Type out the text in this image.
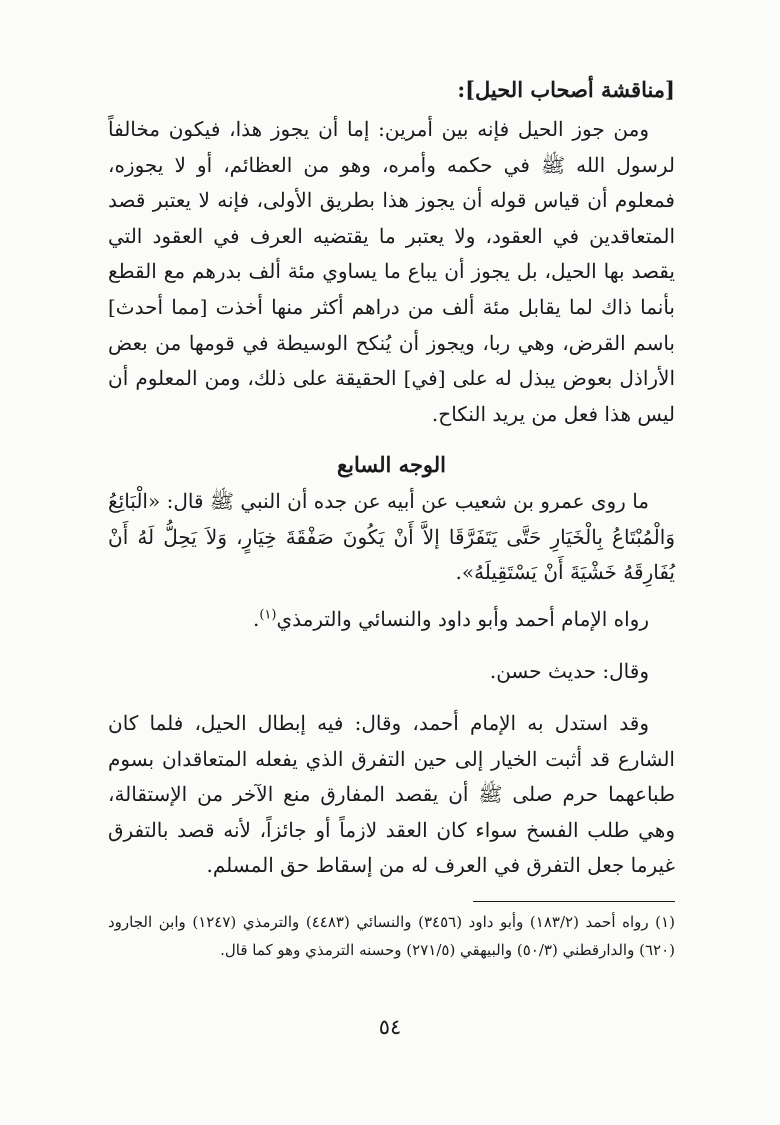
[مناقشة أصحاب الحيل]:
ومن جوز الحيل فإنه بين أمرين: إما أن يجوز هذا، فيكون مخالفاً لرسول الله ﷺ في حكمه وأمره، وهو من العظائم، أو لا يجوزه، فمعلوم أن قياس قوله أن يجوز هذا بطريق الأولى، فإنه لا يعتبر قصد المتعاقدين في العقود، ولا يعتبر ما يقتضيه العرف في العقود التي يقصد بها الحيل، بل يجوز أن يباع ما يساوي مئة ألف بدرهم مع القطع بأنما ذاك لما يقابل مئة ألف من دراهم أكثر منها أخذت [مما أحدث] باسم القرض، وهي ربا، ويجوز أن يُنكح الوسيطة في قومها من بعض الأراذل بعوض يبذل له على [في] الحقيقة على ذلك، ومن المعلوم أن ليس هذا فعل من يريد النكاح.
الوجه السابع
ما روى عمرو بن شعيب عن أبيه عن جده أن النبي ﷺ قال: «الْبَائِعُ وَالْمُبْتَاعُ بِالْخَيَارِ حَتَّى يَتَفَرَّقَا إلاَّ أَنْ يَكُونَ صَفْقَةَ خِيَارٍ، وَلاَ يَحِلُّ لَهُ أَنْ يُفَارِقَهُ خَشْيَةَ أَنْ يَسْتَقِيلَهُ».
رواه الإمام أحمد وأبو داود والنسائي والترمذي$^{(١)}$.
وقال: حديث حسن.
وقد استدل به الإمام أحمد، وقال: فيه إبطال الحيل، فلما كان الشارع قد أثبت الخيار إلى حين التفرق الذي يفعله المتعاقدان بسوم طباعهما حرم صلى ﷺ أن يقصد المفارق منع الآخر من الإستقالة، وهي طلب الفسخ سواء كان العقد لازماً أو جائزاً، لأنه قصد بالتفرق غيرما جعل التفرق في العرف له من إسقاط حق المسلم.
(١) رواه أحمد (١٨٣/٢) وأبو داود (٣٤٥٦) والنسائي (٤٤٨٣) والترمذي (١٢٤٧) وابن الجارود (٦٢٠) والدارقطني (٥٠/٣) والبيهقي (٢٧١/٥) وحسنه الترمذي وهو كما قال.
٥٤
